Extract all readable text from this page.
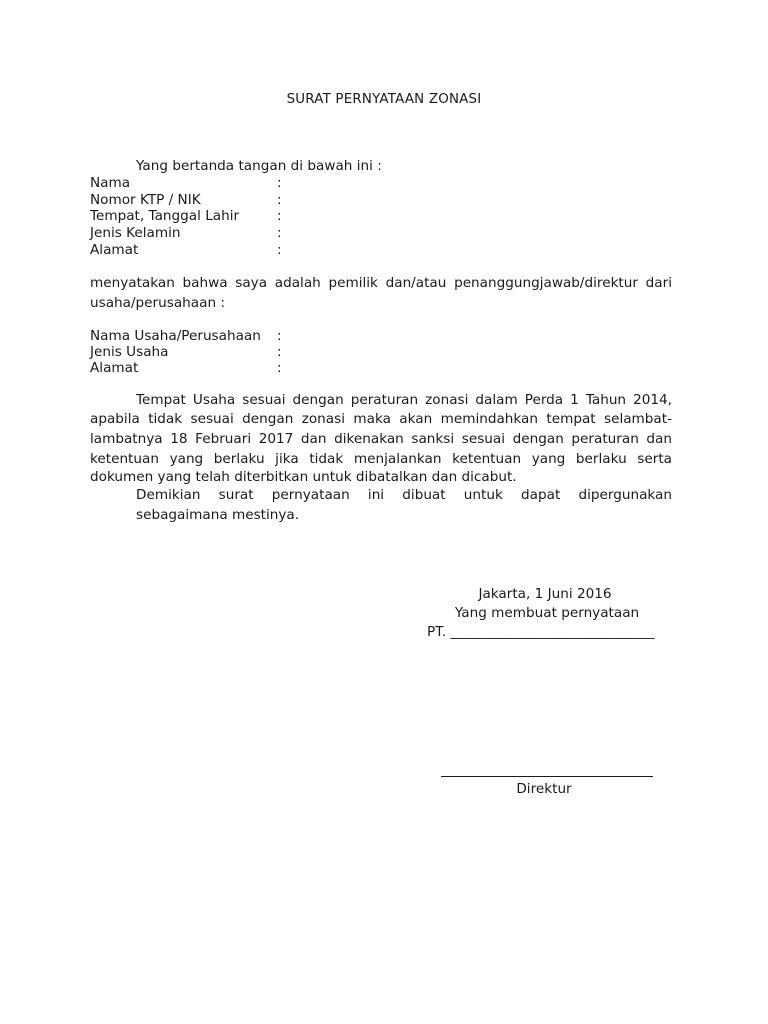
SURAT PERNYATAAN ZONASI
Yang bertanda tangan di bawah ini :
Nama	:
Nomor KTP / NIK	:
Tempat, Tanggal Lahir	:
Jenis Kelamin	:
Alamat	:
menyatakan bahwa saya adalah pemilik dan/atau penanggungjawab/direktur dari
usaha/perusahaan :
Nama Usaha/Perusahaan :
Jenis Usaha	:
Alamat	:
Tempat Usaha sesuai dengan peraturan zonasi dalam Perda 1 Tahun 2014,
apabila tidak sesuai dengan zonasi maka akan memindahkan tempat selambat-
lambatnya 18 Februari 2017 dan dikenakan sanksi sesuai dengan peraturan dan
ketentuan yang berlaku jika tidak menjalankan ketentuan yang berlaku serta
dokumen yang telah diterbitkan untuk dibatalkan dan dicabut.
Demikian surat pernyataan ini dibuat untuk dapat dipergunakan
sebagaimana mestinya.
Jakarta, 1 Juni 2016
Yang membuat pernyataan
PT. ______________________________
Direktur
